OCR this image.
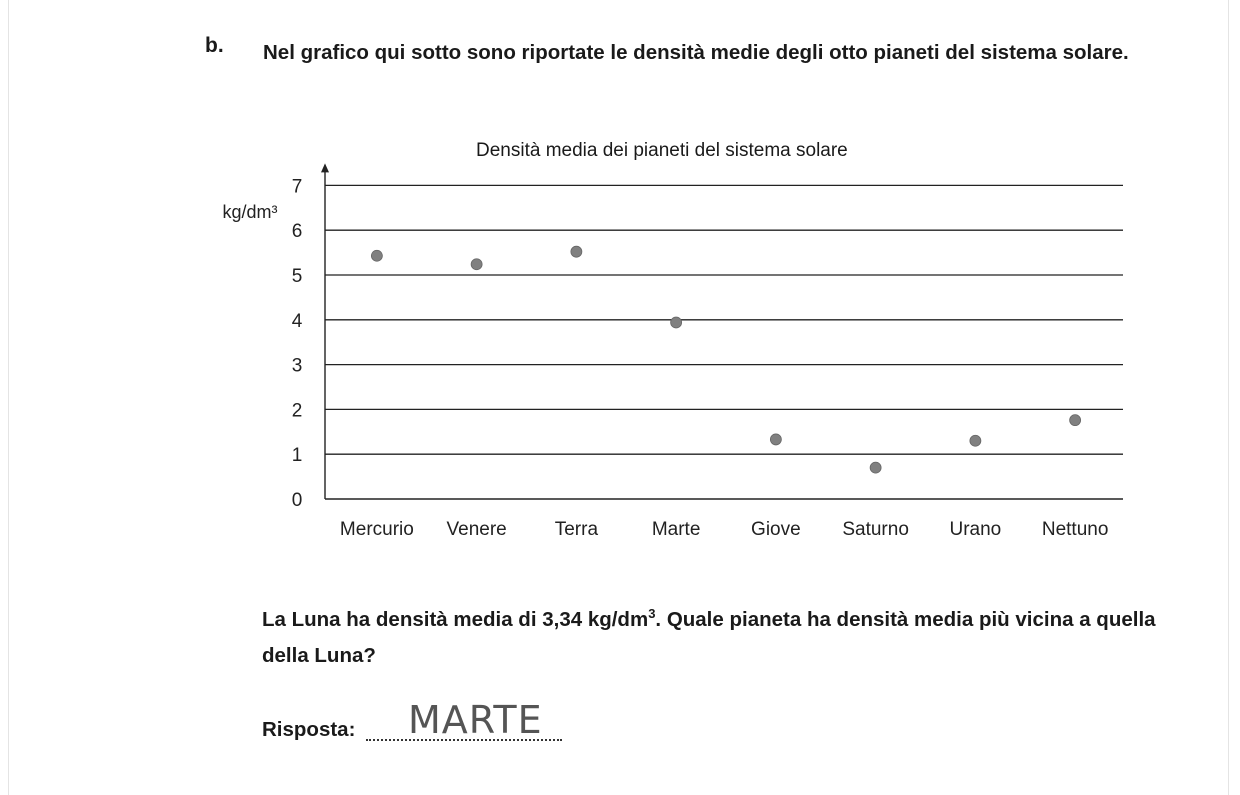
b. Nel grafico qui sotto sono riportate le densità medie degli otto pianeti del sistema solare.
Densità media dei pianeti del sistema solare
0
1
2
3
4
5
6
7
kg/dm³
Mercurio Venere	Terra	Marte	Giove Saturno Urano Nettuno
La Luna ha densità media di 3,34 $kg/dm^3$. Quale pianeta ha densità media più vicina a quella della Luna?
Risposta: MARTE
